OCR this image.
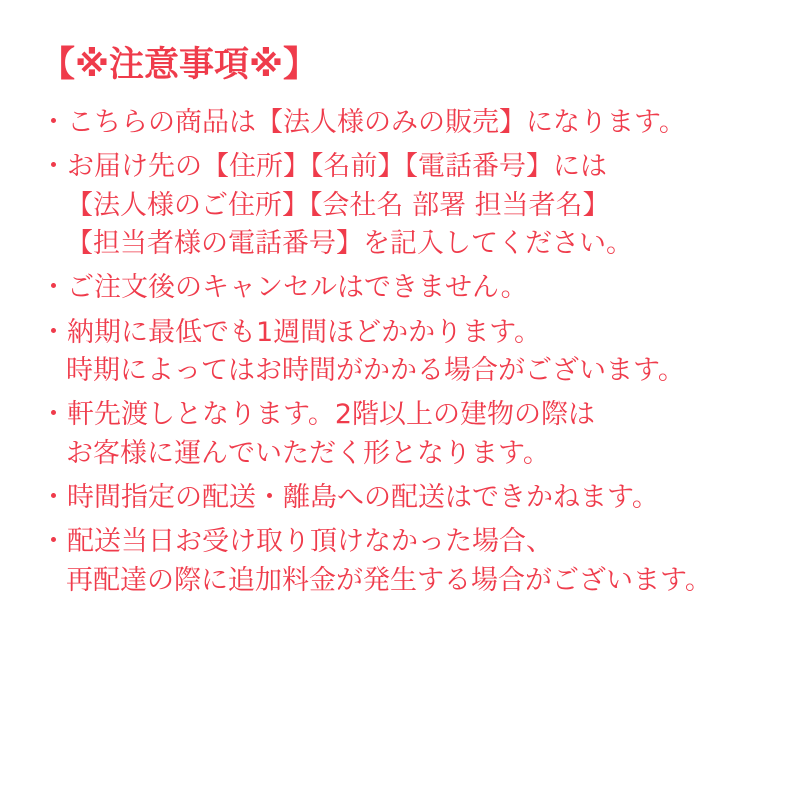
【※注意事項※】
・こちらの商品は【法人様のみの販売】になります。
・お届け先の【住所】【名前】【電話番号】には
【法人様のご住所】【会社名 部署 担当者名】
【担当者様の電話番号】を記入してください。
・ご注文後のキャンセルはできません。
・納期に最低でも1週間ほどかかります。
時期によってはお時間がかかる場合がございます。
・軒先渡しとなります。2階以上の建物の際は
お客様に運んでいただく形となります。
・時間指定の配送・離島への配送はできかねます。
・配送当日お受け取り頂けなかった場合、
再配達の際に追加料金が発生する場合がございます。
